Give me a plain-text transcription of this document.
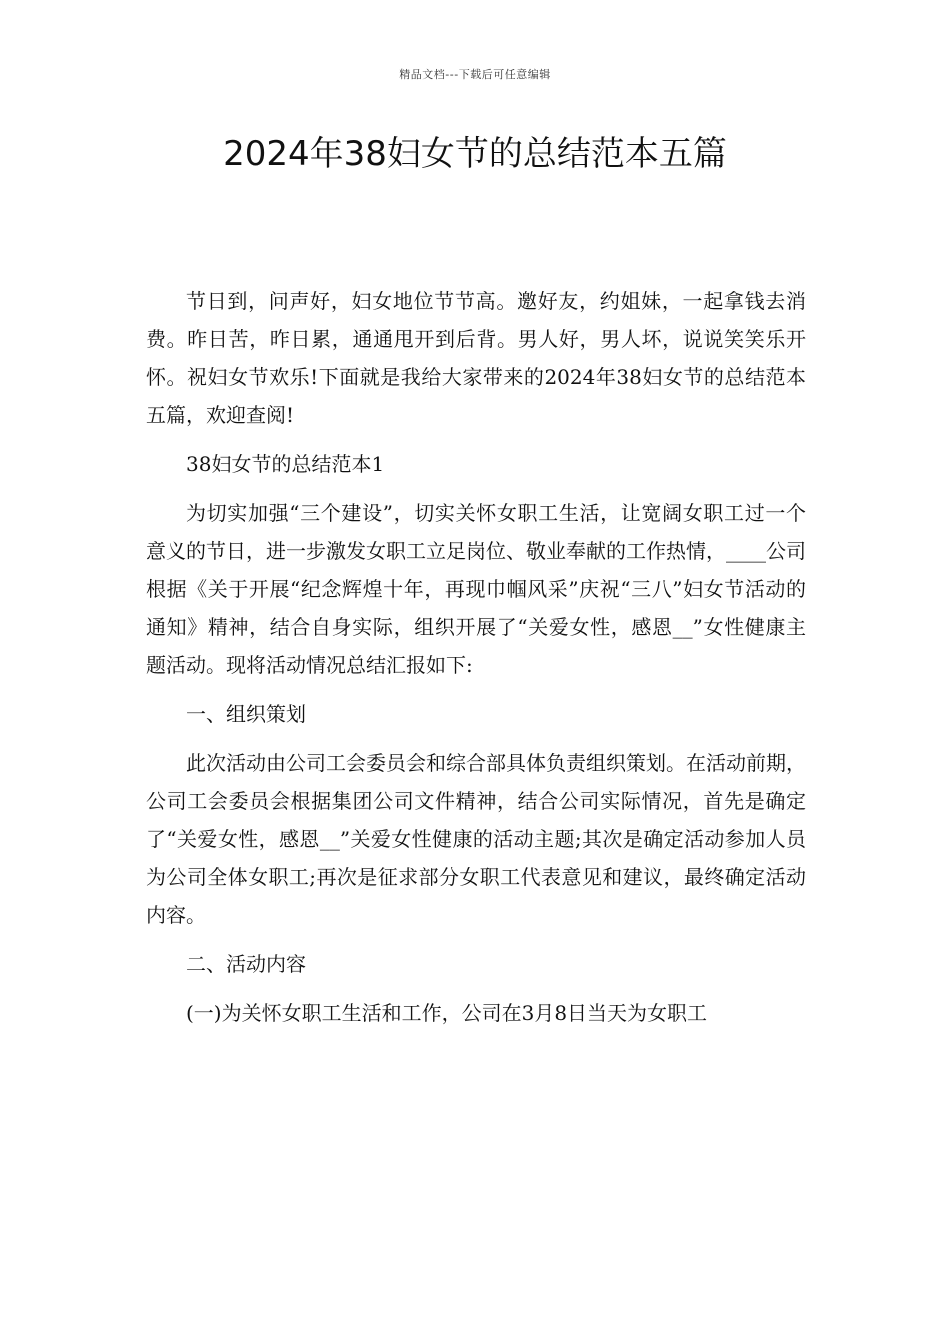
精品文档---下载后可任意编辑
2024年38妇女节的总结范本五篇

节日到，问声好，妇女地位节节高。邀好友，约姐妹，一起拿钱去消费。昨日苦，昨日累，通通甩开到后背。男人好，男人坏，说说笑笑乐开怀。祝妇女节欢乐!下面就是我给大家带来的2024年38妇女节的总结范本五篇，欢迎查阅!

38妇女节的总结范本1

为切实加强“三个建设”，切实关怀女职工生活，让宽阔女职工过一个意义的节日，进一步激发女职工立足岗位、敬业奉献的工作热情，____公司根据《关于开展“纪念辉煌十年，再现巾帼风采”庆祝“三八”妇女节活动的通知》精神，结合自身实际，组织开展了“关爱女性，感恩__”女性健康主题活动。现将活动情况总结汇报如下:

一、组织策划

此次活动由公司工会委员会和综合部具体负责组织策划。在活动前期，公司工会委员会根据集团公司文件精神，结合公司实际情况，首先是确定了“关爱女性，感恩__”关爱女性健康的活动主题;其次是确定活动参加人员为公司全体女职工;再次是征求部分女职工代表意见和建议，最终确定活动内容。

二、活动内容

(一)为关怀女职工生活和工作，公司在3月8日当天为女职工
